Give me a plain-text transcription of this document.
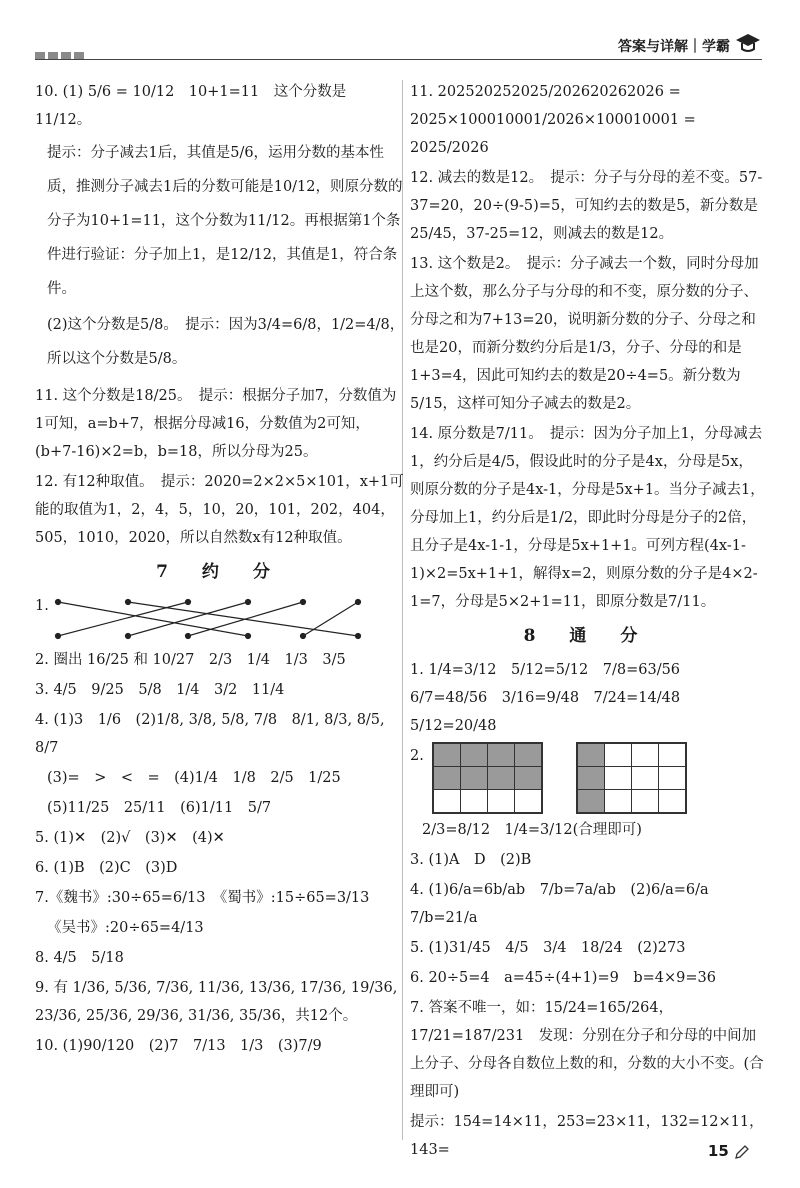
答案与详解｜学霸
10. (1) 5/6 = 10/12　10+1=11　这个分数是 11/12。
提示：分子减去1后，其值是5/6，运用分数的基本性质，推测分子减去1后的分数可能是10/12，则原分数的分子为10+1=11，这个分数为11/12。再根据第1个条件进行验证：分子加上1，是12/12，其值是1，符合条件。
(2)这个分数是5/8。　提示：因为3/4=6/8，1/2=4/8，所以这个分数是5/8。
11. 这个分数是18/25。　提示：根据分子加7，分数值为1可知，a=b+7，根据分母减16，分数值为2可知，(b+7-16)×2=b，b=18，所以分母为25。
12. 有12种取值。　提示：2020=2×2×5×101，x+1可能的取值为1，2，4，5，10，20，101，202，404，505，1010，2020，所以自然数x有12种取值。
7 约 分
1.
2. 圈出 16/25 和 10/27　2/3　1/4　1/3　3/5
3. 4/5　9/25　5/8　1/4　3/2　11/4
4. (1)3　1/6　(2)1/8, 3/8, 5/8, 7/8　8/1, 8/3, 8/5, 8/7
(3)=　>　<　=　(4)1/4　1/8　2/5　1/25
(5)11/25　25/11　(6)1/11　5/7
5. (1)✕　(2)√　(3)✕　(4)✕
6. (1)B　(2)C　(3)D
7.《魏书》:30÷65=6/13　《蜀书》:15÷65=3/13
《吴书》:20÷65=4/13
8. 4/5　5/18
9. 有 1/36, 5/36, 7/36, 11/36, 13/36, 17/36, 19/36, 23/36, 25/36, 29/36, 31/36, 35/36，共12个。
10. (1)90/120　(2)7　7/13　1/3　(3)7/9
11. 202520252025/202620262026 = 2025×100010001/2026×100010001 = 2025/2026
12. 减去的数是12。　提示：分子与分母的差不变。57-37=20，20÷(9-5)=5，可知约去的数是5，新分数是25/45，37-25=12，则减去的数是12。
13. 这个数是2。　提示：分子减去一个数，同时分母加上这个数，那么分子与分母的和不变，原分数的分子、分母之和为7+13=20，说明新分数的分子、分母之和也是20，而新分数约分后是1/3，分子、分母的和是1+3=4，因此可知约去的数是20÷4=5。新分数为5/15，这样可知分子减去的数是2。
14. 原分数是7/11。　提示：因为分子加上1，分母减去1，约分后是4/5，假设此时的分子是4x，分母是5x，则原分数的分子是4x-1，分母是5x+1。当分子减去1，分母加上1，约分后是1/2，即此时分母是分子的2倍，且分子是4x-1-1，分母是5x+1+1。可列方程(4x-1-1)×2=5x+1+1，解得x=2，则原分数的分子是4×2-1=7，分母是5×2+1=11，即原分数是7/11。
8 通 分
1. 1/4=3/12　5/12=5/12　7/8=63/56　6/7=48/56　3/16=9/48　7/24=14/48　5/12=20/48
2.			

2/3=8/12　1/4=3/12(合理即可)
3. (1)A　D　(2)B
4. (1)6/a=6b/ab　7/b=7a/ab　(2)6/a=6/a　7/b=21/a
5. (1)31/45　4/5　3/4　18/24　(2)273
6. 20÷5=4　a=45÷(4+1)=9　b=4×9=36
7. 答案不唯一，如：15/24=165/264，17/21=187/231　发现：分别在分子和分母的中间加上分子、分母各自数位上数的和，分数的大小不变。(合理即可)
提示：154=14×11，253=23×11，132=12×11，143=	15
